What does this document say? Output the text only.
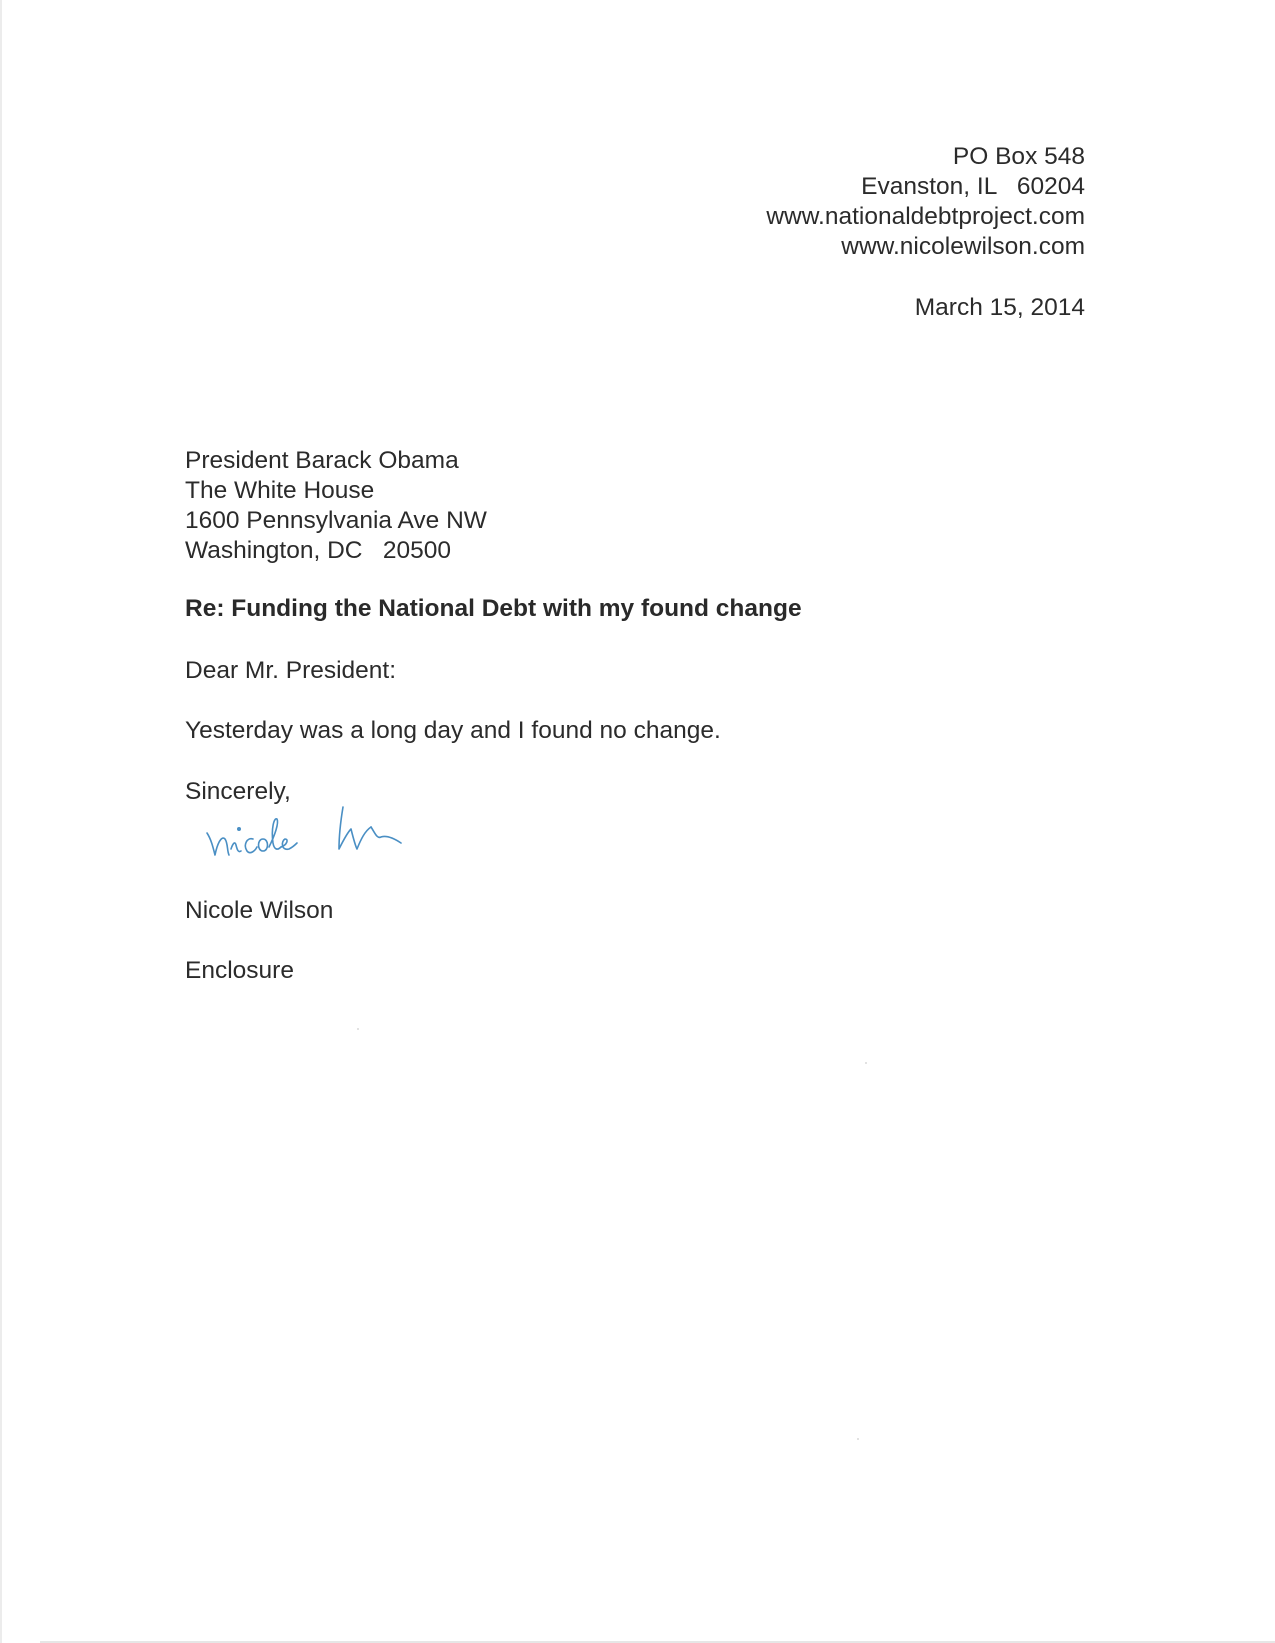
PO Box 548
Evanston, IL   60204
www.nationaldebtproject.com
www.nicolewilson.com
March 15, 2014
President Barack Obama
The White House
1600 Pennsylvania Ave NW
Washington, DC   20500
Re: Funding the National Debt with my found change
Dear Mr. President:
Yesterday was a long day and I found no change.
Sincerely,
Nicole Wilson
Enclosure
